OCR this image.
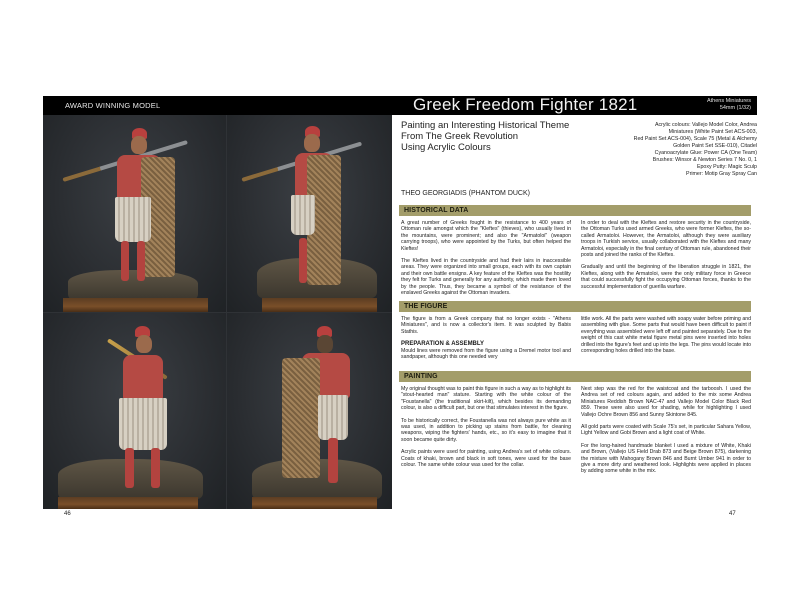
AWARD WINNING MODEL
46
Greek Freedom Fighter 1821	Athens Miniatures
54mm (1/32)
Painting an Interesting Historical Theme
From The Greek Revolution
Using Acrylic Colours
Acrylic colours: Vallejo Model Color, Andrea
Miniatures (White Paint Set ACS-003,
Red Paint Set ACS-004), Scale 75 (Metal & Alchemy
Golden Paint Set SSE-010), Citadel
Cyanoacrylate Glue: Power CA (One Team)
Brushes: Winsor & Newton Series 7 No. 0, 1
Epoxy Putty: Magic Sculp
Primer: Motip Gray Spray Can
THEO GEORGIADIS (PHANTOM DUCK)
HISTORICAL DATA

A great number of Greeks fought in the resistance to 400 years of Ottoman rule amongst which the "Kleftes" (thieves), who usually lived in the mountains, were prominent; and also the "Armatoloi" (weapon carrying troops), who were appointed by the Turks, but often helped the Kleftes!

The Kleftes lived in the countryside and had their lairs in inaccessible areas. They were organized into small groups, each with its own captain and their own battle ensigns. A key feature of the Kleftes was the hostility they felt for Turks and generally for any authority, which made them loved by the people. Thus, they became a symbol of the resistance of the enslaved Greeks against the Ottoman invaders.

In order to deal with the Kleftes and restore security in the countryside, the Ottoman Turks used armed Greeks, who were former Kleftes, the so-called Armatoloi. However, the Armatoloi, although they were auxiliary troops in Turkish service, usually collaborated with the Kleftes and many Armatoloi, especially in the final century of Ottoman rule, abandoned their posts and joined the ranks of the Kleftes.

Gradually and until the beginning of the liberation struggle in 1821, the Kleftes, along with the Armatoloi, were the only military force in Greece that could successfully fight the occupying Ottoman forces, thanks to the successful implementation of guerilla warfare.

THE FIGURE

The figure is from a Greek company that no longer exists - "Athens Miniatures", and is now a collector's item. It was sculpted by Babis Stathis.

PREPARATION & ASSEMBLY

Mould lines were removed from the figure using a Dremel motor tool and sandpaper, although this one needed very

little work. All the parts were washed with soapy water before priming and assembling with glue. Some parts that would have been difficult to paint if everything was assembled were left off and painted separately. Due to the weight of this cast white metal figure metal pins were inserted into holes drilled into the figure's feet and up into the legs. The pins would locate into corresponding holes drilled into the base.

PAINTING

My original thought was to paint this figure in such a way as to highlight its "stout-hearted man" stature. Starting with the white colour of the "Foustanella" (the traditional skirt-kilt), which besides its demanding colour, is also a difficult part, but one that stimulates interest in the figure.

To be historically correct, the Foustanella was not always pure white as it was used, in addition to picking up stains from battle, for cleaning weapons, wiping the fighters' hands, etc., so it's easy to imagine that it soon became quite dirty.

Acrylic paints were used for painting, using Andrea's set of white colours. Coats of khaki, brown and black in soft tones, were used for the base colour. The same white colour was used for the collar.

Next step was the red for the waistcoat and the tarboosh. I used the Andrea set of red colours again, and added to the mix some Andrea Miniatures Reddish Brown NAC-47 and Vallejo Model Color Black Red 859. These were also used for shading, while for highlighting I used Vallejo Ochre Brown 856 and Sunny Skintone 845.

All gold parts were coated with Scale 75's set, in particular Sahara Yellow, Light Yellow and Gobi Brown and a light coat of White.

For the long-haired handmade blanket I used a mixture of White, Khaki and Brown, (Vallejo US Field Drab 873 and Beige Brown 875), darkening the mixture with Mahogany Brown 846 and Burnt Umber 941 in order to give a more dirty and weathered look. Highlights were applied in places by adding some white in the mix.

47
